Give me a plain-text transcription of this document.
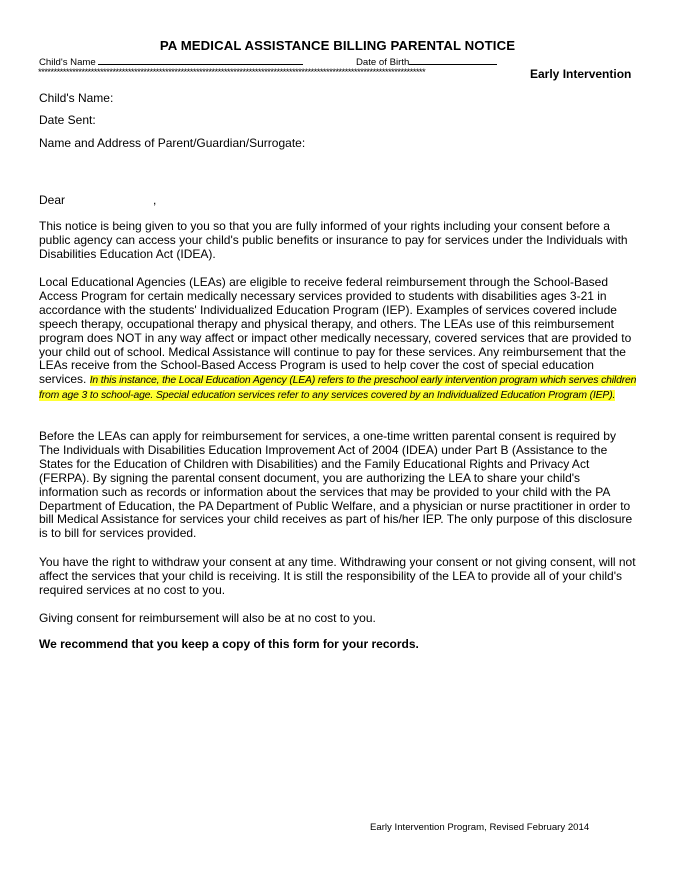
PA MEDICAL ASSISTANCE BILLING PARENTAL NOTICE
Child's Name	Date of Birth
*****************************************************************************************************************************	Early Intervention
Child's Name:
Date Sent:
Name and Address of Parent/Guardian/Surrogate:
Dear	,

This notice is being given to you so that you are fully informed of your rights including your consent before a public agency can access your child's public benefits or insurance to pay for services under the Individuals with Disabilities Education Act (IDEA).

Local Educational Agencies (LEAs) are eligible to receive federal reimbursement through the School-Based Access Program for certain medically necessary services provided to students with disabilities ages 3-21 in accordance with the students' Individualized Education Program (IEP). Examples of services covered include speech therapy, occupational therapy and physical therapy, and others. The LEAs use of this reimbursement program does NOT in any way affect or impact other medically necessary, covered services that are provided to your child out of school. Medical Assistance will continue to pay for these services. Any reimbursement that the LEAs receive from the School-Based Access Program is used to help cover the cost of special education services. In this instance, the Local Education Agency (LEA) refers to the preschool early intervention program which serves children from age 3 to school-age. Special education services refer to any services covered by an Individualized Education Program (IEP).

Before the LEAs can apply for reimbursement for services, a one-time written parental consent is required by The Individuals with Disabilities Education Improvement Act of 2004 (IDEA) under Part B (Assistance to the States for the Education of Children with Disabilities) and the Family Educational Rights and Privacy Act (FERPA). By signing the parental consent document, you are authorizing the LEA to share your child's information such as records or information about the services that may be provided to your child with the PA Department of Education, the PA Department of Public Welfare, and a physician or nurse practitioner in order to bill Medical Assistance for services your child receives as part of his/her IEP. The only purpose of this disclosure is to bill for services provided.

You have the right to withdraw your consent at any time. Withdrawing your consent or not giving consent, will not affect the services that your child is receiving. It is still the responsibility of the LEA to provide all of your child's required services at no cost to you.

Giving consent for reimbursement will also be at no cost to you.

We recommend that you keep a copy of this form for your records.

Early Intervention Program, Revised February 2014
